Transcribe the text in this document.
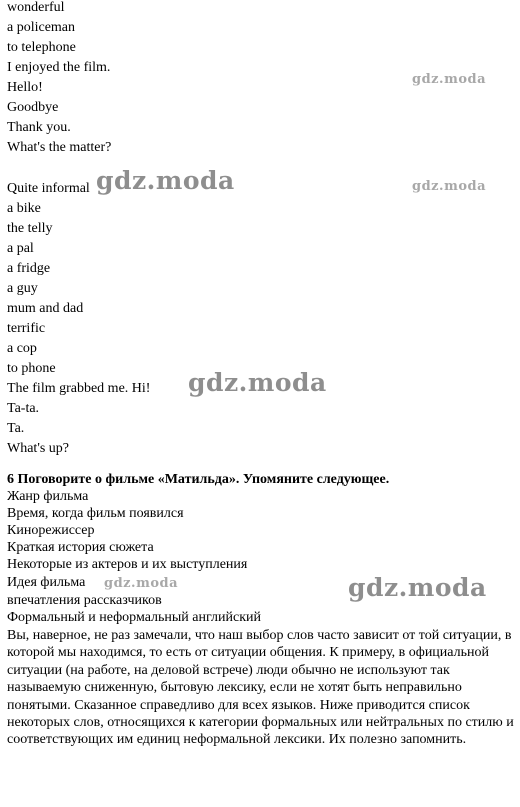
wonderful
a policeman
to telephone
I enjoyed the film.
Hello!
Goodbye
Thank you.
What's the matter?
Quite informal
a bike
the telly
a pal
a fridge
a guy
mum and dad
terrific
a cop
to phone
The film grabbed me. Hi!
Ta-ta.
Ta.
What's up?
6 Поговорите о фильме «Матильда». Упомяните следующее.
Жанр фильма
Время, когда фильм появился
Кинорежиссер
Краткая история сюжета
Некоторые из актеров и их выступления
Идея фильма
впечатления рассказчиков
Формальный и неформальный английский
Вы, наверное, не раз замечали, что наш выбор слов часто зависит от той ситуации, в которой мы находимся, то есть от ситуации общения. К примеру, в официальной ситуации (на работе, на деловой встрече) люди обычно не используют так называемую сниженную, бытовую лексику, если не хотят быть неправильно понятыми. Сказанное справедливо для всех языков. Ниже приводится список некоторых слов, относящихся к категории формальных или нейтральных по стилю и соответствующих им единиц неформальной лексики. Их полезно запомнить.
gdz.moda
gdz.moda	gdz.moda
gdz.moda
gdz.moda	gdz.moda
